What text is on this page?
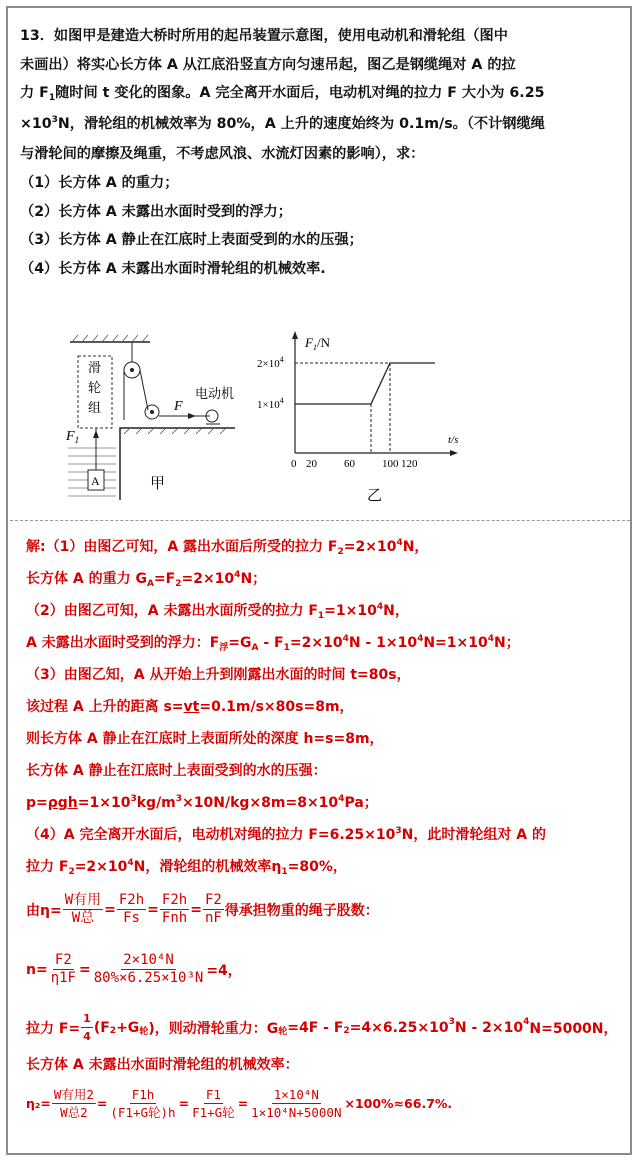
13．如图甲是建造大桥时所用的起吊装置示意图，使用电动机和滑轮组（图中
未画出）将实心长方体 A 从江底沿竖直方向匀速吊起，图乙是钢缆绳对 A 的拉
力 $F_1$随时间 t 变化的图象。A 完全离开水面后，电动机对绳的拉力 F 大小为 6.25
$\times 10^3N$，滑轮组的机械效率为 80%，A 上升的速度始终为 0.1m/s。（不计钢缆绳
与滑轮间的摩擦及绳重，不考虑风浪、水流灯因素的影响），求：
（1）长方体 A 的重力；
（2）长方体 A 未露出水面时受到的浮力；
（3）长方体 A 静止在江底时上表面受到的水的压强；
（4）长方体 A 未露出水面时滑轮组的机械效率.
滑
轮
组	F
电动机
$F_1$
A	甲
$F_1/N$
t/s
0 20 60 100 120
$1\times 10^4$
$2\times 10^4$
乙
解:（1）由图乙可知，A 露出水面后所受的拉力 $F_2=2\times 10^4N$，
长方体 A 的重力 $G_A=F_2=2\times 10^4N$；
（2）由图乙可知，A 未露出水面所受的拉力 $F_1=1\times 10^4N$，
A 未露出水面时受到的浮力：$F_浮=G_A - F_1=2\times 10^4N - 1\times 10^4N=1\times 10^4N$；
（3）由图乙知，A 从开始上升到刚露出水面的时间 t=80s，
该过程 A 上升的距离 s=vt=0.1m/s×80s=8m，
则长方体 A 静止在江底时上表面所处的深度 h=s=8m，
长方体 A 静止在江底时上表面受到的水的压强：
$p=\rho gh=1\times 10^3kg/m^3\times 10N/kg\times 8m=8\times 10^4Pa$；
（4）A 完全离开水面后，电动机对绳的拉力 $F=6.25\times 10^3N$，此时滑轮组对 A 的
拉力 $F_2=2\times 10^4N$，滑轮组的机械效率$\eta_1=80\%$，
由$\eta= \frac{\text{W有用}}{\text{W总}} = \frac{F2h}{Fs} = \frac{F2h}{\text{Fnh}} = \frac{F2}{nF}$ 得承担物重的绳子股数：
$n= \frac{F2}{\eta 1F} = \frac{\text{2×10⁴N}}{\text{80\%×6.25×10³N}} =4$，
拉力 $F= \frac{1}{4} (F$ 2 +G 轮 )，则动滑轮重力：G 轮 =4F - F 2 =4×6.25×10 3 N - 2×10 4 N=5000N，
长方体 A 未露出水面时滑轮组的机械效率：
$\eta_2= \frac{\text{W有用2}}{\text{W总2}} = \frac{F1h}{\text{(F1+G轮)h}} = \frac{F1}{\text{F1+G轮}} = \frac{\text{1×10⁴N}}{\text{1×10⁴N+5000N}} \times 100\%\approx 66.7\%$.
